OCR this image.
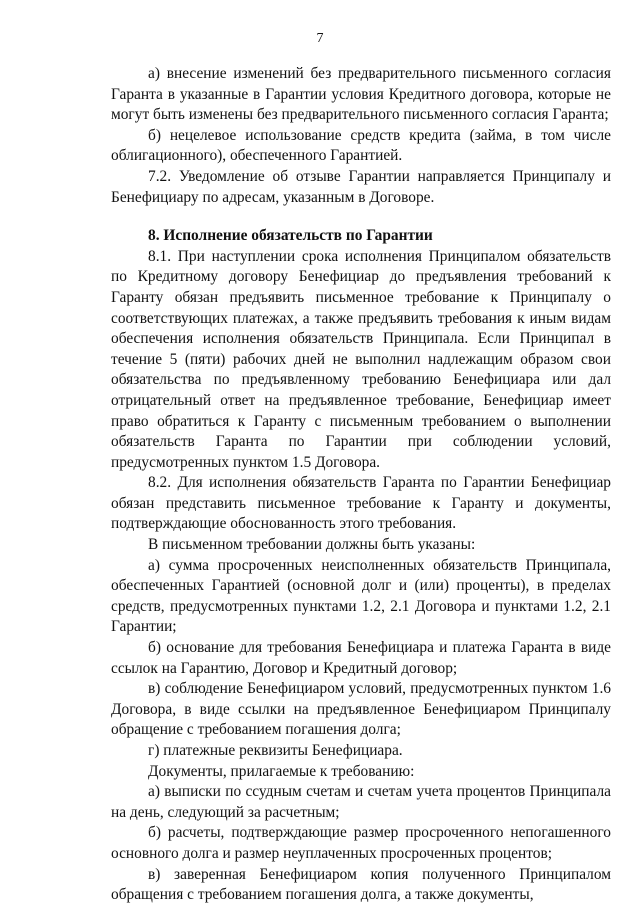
7

а) внесение изменений без предварительного письменного согласия Гаранта в указанные в Гарантии условия Кредитного договора, которые не могут быть изменены без предварительного письменного согласия Гаранта;

б) нецелевое использование средств кредита (займа, в том числе облигационного), обеспеченного Гарантией.

7.2. Уведомление об отзыве Гарантии направляется Принципалу и Бенефициару по адресам, указанным в Договоре.

8. Исполнение обязательств по Гарантии

8.1. При наступлении срока исполнения Принципалом обязательств по Кредитному договору Бенефициар до предъявления требований к Гаранту обязан предъявить письменное требование к Принципалу о соответствующих платежах, а также предъявить требования к иным видам обеспечения исполнения обязательств Принципала. Если Принципал в течение 5 (пяти) рабочих дней не выполнил надлежащим образом свои обязательства по предъявленному требованию Бенефициара или дал отрицательный ответ на предъявленное требование, Бенефициар имеет право обратиться к Гаранту с письменным требованием о выполнении обязательств Гаранта по Гарантии при соблюдении условий, предусмотренных пунктом 1.5 Договора.

8.2. Для исполнения обязательств Гаранта по Гарантии Бенефициар обязан представить письменное требование к Гаранту и документы, подтверждающие обоснованность этого требования.

В письменном требовании должны быть указаны:

а) сумма просроченных неисполненных обязательств Принципала, обеспеченных Гарантией (основной долг и (или) проценты), в пределах средств, предусмотренных пунктами 1.2, 2.1 Договора и пунктами 1.2, 2.1 Гарантии;

б) основание для требования Бенефициара и платежа Гаранта в виде ссылок на Гарантию, Договор и Кредитный договор;

в) соблюдение Бенефициаром условий, предусмотренных пунктом 1.6 Договора, в виде ссылки на предъявленное Бенефициаром Принципалу обращение с требованием погашения долга;

г) платежные реквизиты Бенефициара.

Документы, прилагаемые к требованию:

а) выписки по ссудным счетам и счетам учета процентов Принципала на день, следующий за расчетным;

б) расчеты, подтверждающие размер просроченного непогашенного основного долга и размер неуплаченных просроченных процентов;

в) заверенная Бенефициаром копия полученного Принципалом обращения с требованием погашения долга, а также документы,
